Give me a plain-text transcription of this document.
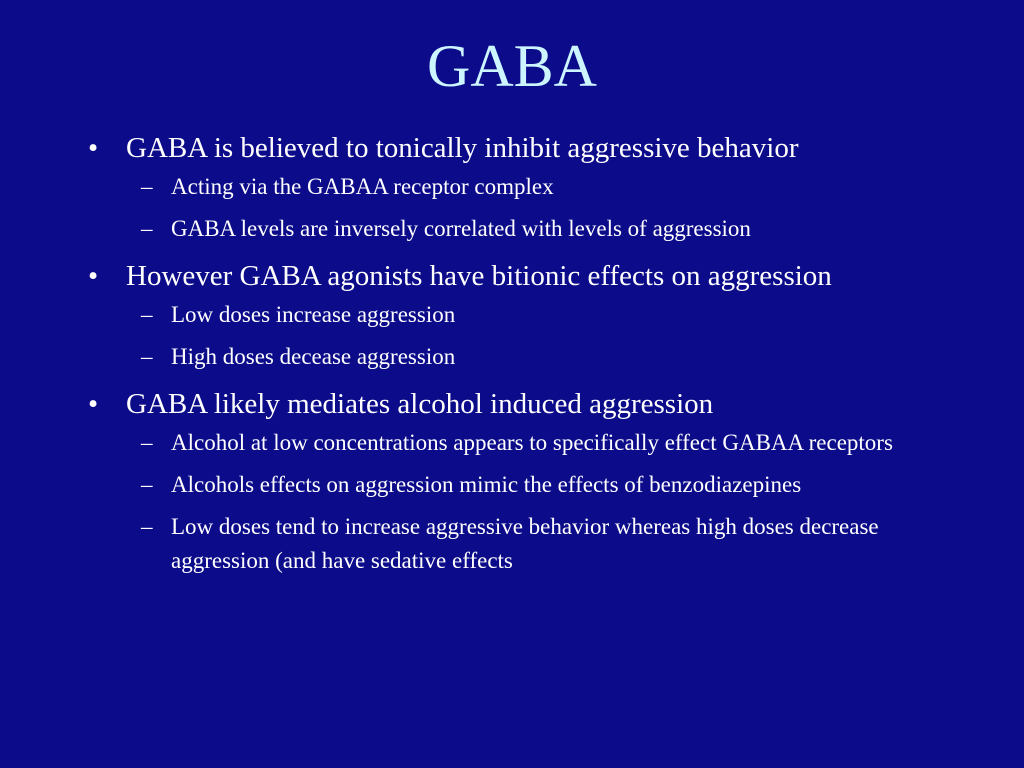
GABA
• GABA is believed to tonically inhibit aggressive behavior
– Acting via the GABAA receptor complex
– GABA levels are inversely correlated with levels of aggression
• However GABA agonists have bitionic effects on aggression
– Low doses increase aggression
– High doses decease aggression
• GABA likely mediates alcohol induced aggression
– Alcohol at low concentrations appears to specifically effect GABAA receptors
– Alcohols effects on aggression mimic the effects of benzodiazepines
– Low doses tend to increase aggressive behavior whereas high doses decrease aggression (and have sedative effects
